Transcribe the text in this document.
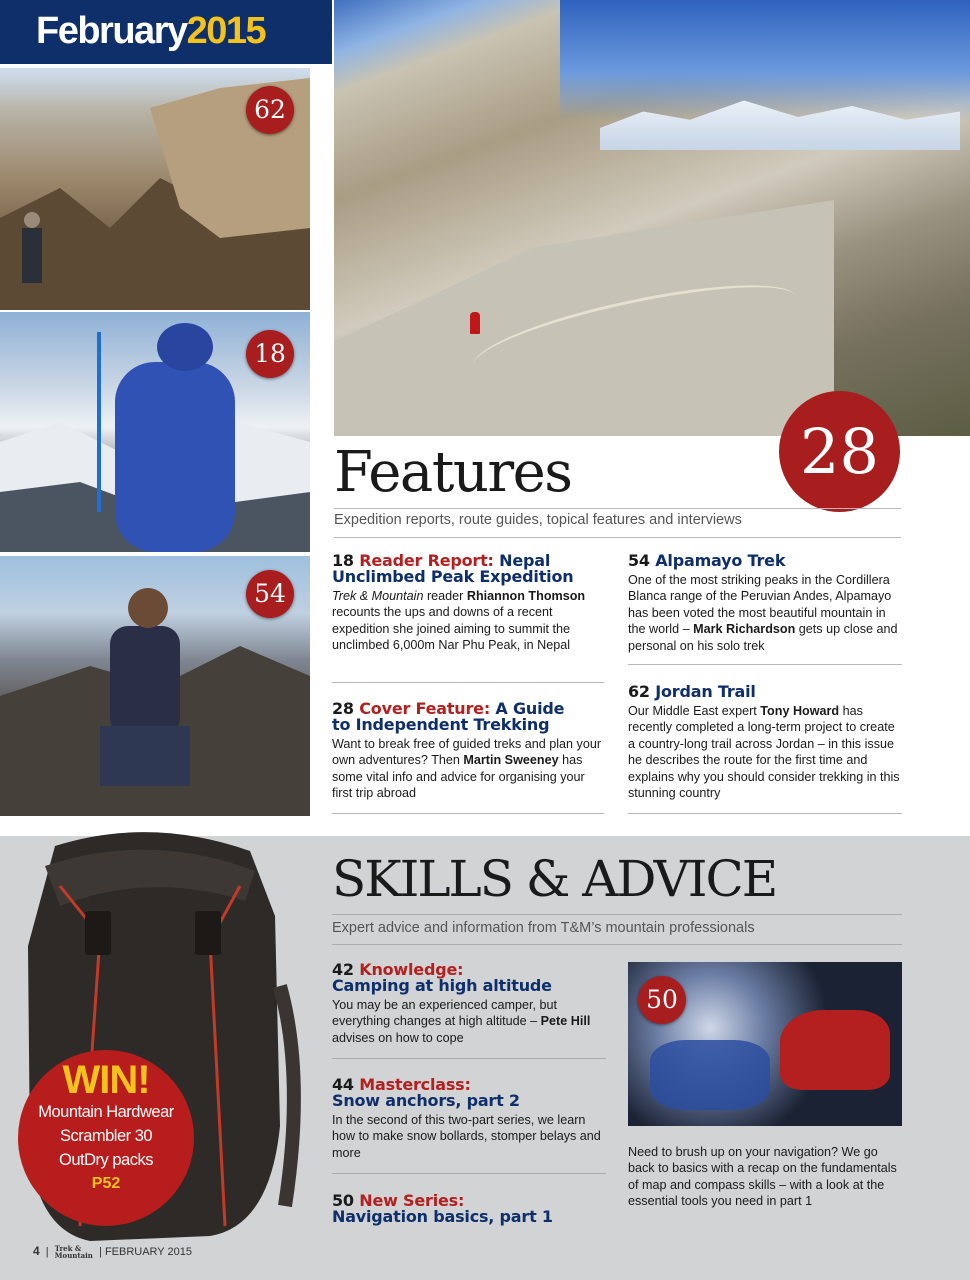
February2015
62
18
54
28
Features
Expedition reports, route guides, topical features and interviews
18 Reader Report: Nepal
Unclimbed Peak Expedition
Trek & Mountain reader Rhiannon Thomson recounts the ups and downs of a recent expedition she joined aiming to summit the unclimbed 6,000m Nar Phu Peak, in Nepal
28 Cover Feature: A Guide
to Independent Trekking
Want to break free of guided treks and plan your own adventures? Then Martin Sweeney has some vital info and advice for organising your first trip abroad
54 Alpamayo Trek
One of the most striking peaks in the Cordillera Blanca range of the Peruvian Andes, Alpamayo has been voted the most beautiful mountain in the world – Mark Richardson gets up close and personal on his solo trek
62 Jordan Trail
Our Middle East expert Tony Howard has recently completed a long-term project to create a country-long trail across Jordan – in this issue he describes the route for the first time and explains why you should consider trekking in this stunning country
SKILLS & ADVICE
Expert advice and information from T&M’s mountain professionals
42 Knowledge:
Camping at high altitude
You may be an experienced camper, but everything changes at high altitude – Pete Hill advises on how to cope
44 Masterclass:
Snow anchors, part 2
In the second of this two-part series, we learn how to make snow bollards, stomper belays and more
50 New Series:
Navigation basics, part 1
50
Need to brush up on your navigation? We go back to basics with a recap on the fundamentals of map and compass skills – with a look at the essential tools you need in part 1
WIN!
Mountain Hardwear
Scrambler 30
OutDry packs
P52
4  |  Trek &
Mountain  | FEBRUARY 2015
